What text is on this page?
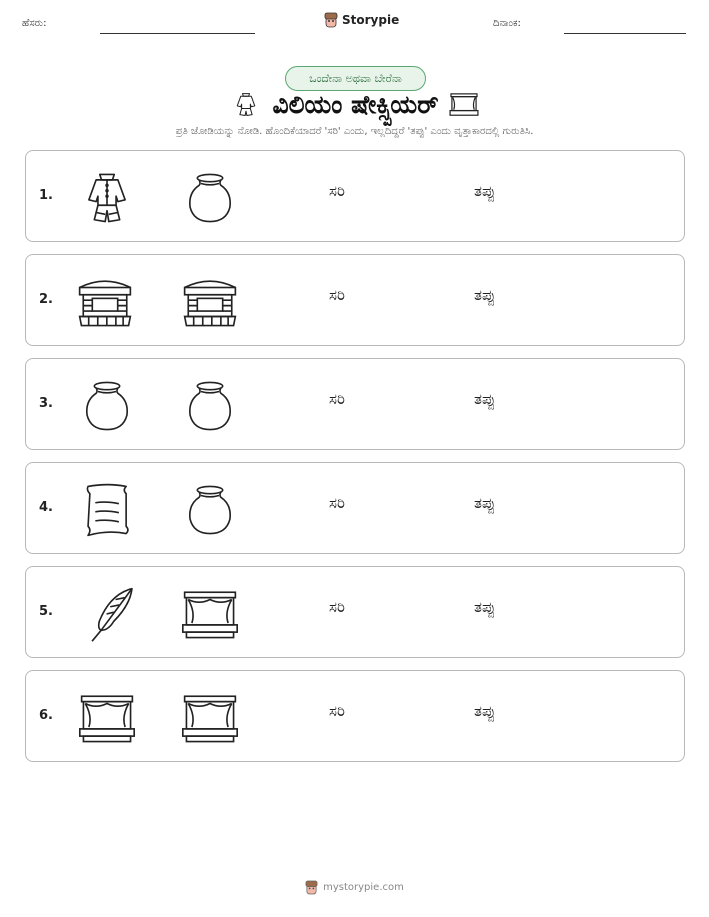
ಹೆಸರು:	Storypie	ದಿನಾಂಕ:
ಒಂದೇನಾ ಅಥವಾ ಬೇರೆನಾ
ವಿಲಿಯಂ ಷೇಕ್ಸ್ಪಿಯರ್
ಪ್ರತಿ ಜೋಡಿಯನ್ನು ನೋಡಿ. ಹೊಂದಿಕೆಯಾದರೆ 'ಸರಿ' ಎಂದು, ಇಲ್ಲದಿದ್ದರೆ 'ತಪ್ಪು' ಎಂದು ವೃತ್ತಾಕಾರದಲ್ಲಿ ಗುರುತಿಸಿ.
1.	ಸರಿ	ತಪ್ಪು
2.	ಸರಿ	ತಪ್ಪು
3.	ಸರಿ	ತಪ್ಪು
4.	ಸರಿ	ತಪ್ಪು
5.	ಸರಿ	ತಪ್ಪು
6.	ಸರಿ	ತಪ್ಪು
mystorypie.com
